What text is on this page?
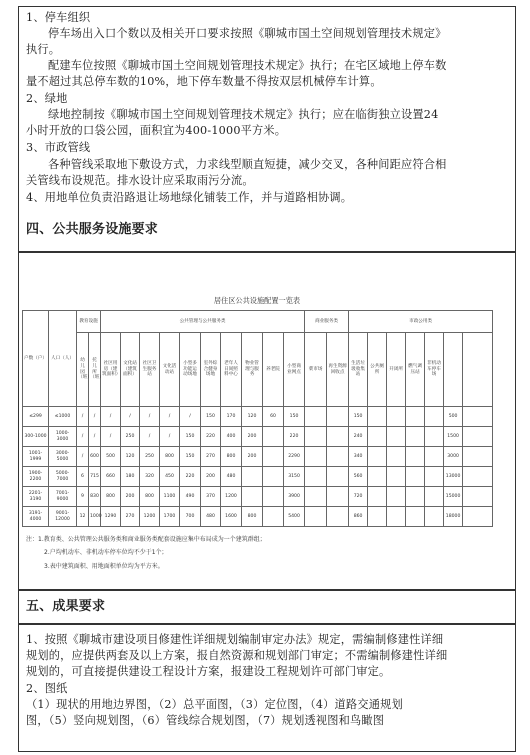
1、停车组织
停车场出入口个数以及相关开口要求按照《聊城市国土空间规划管理技术规定》
执行。
配建车位按照《聊城市国土空间规划管理技术规定》执行；在宅区域地上停车数
量不超过其总停车数的10%，地下停车数量不得按双层机械停车计算。
2、绿地
绿地控制按《聊城市国土空间规划管理技术规定》执行；应在临街独立设置24
小时开放的口袋公园，面积宜为400-1000平方米。
3、市政管线
各种管线采取地下敷设方式，力求线型顺直短捷，减少交叉，各种间距应符合相
关管线布设规范。排水设计应采取雨污分流。
4、用地单位负责沿路退让场地绿化铺装工作，并与道路相协调。
四、公共服务设施要求
居住区公共设施配置一览表
户数（户）	人口（人）	教育设施		公共管理与公共服务类										商业服务类		市政公用类						
		幼儿园（班）	托儿所（班）	社区用房（建筑面积）	文化站（建筑面积）	社区卫生服务站	文化活动站	小型多功能运动场地	室外综合健身场地	老年人日间照料中心	物业管理与服务	养老院	小型商业网点	菜市场	再生资源回收点	生活垃圾收集站	公共厕所	开闭所	燃气调压站	非机动车停车场		
≤299	≤1000	/	/	/	/	/	/	/	150	170	120	60	150			150					500	
300-1000	1000-3000	/	/	/	250	/	/	150	220	400	200		220			240					1500	
1001-1999	3000-5000	/	600	500	120	250	800	150	270	800	200		2290			340					3000	
1900-2200	5000-7000	6	715	660	180	320	450	220	200	480			3150			560					13000	
2201-3190	7001-9000	9	830	800	200	800	1100	490	370	1200			3900			720					15000	
3191-4000	9001-12000	12	1000	1290	270	1200	1700	700	480	1600	800		5400			860					18000	
注：1.教育类、公共管理公共服务类和商业服务类配套设施应集中布局成为一个建筑群组；
2.户均机动车、非机动车停车位均不少于1个；
3.表中建筑面积、用地面积单位均为平方米。
五、成果要求
1、按照《聊城市建设项目修建性详细规划编制审定办法》规定，需编制修建性详细
规划的，应提供两套及以上方案，报自然资源和规划部门审定；不需编制修建性详细
规划的，可直接提供建设工程设计方案，报建设工程规划许可部门审定。
2、图纸
（1）现状的用地边界图，（2）总平面图，（3）定位图，（4）道路交通规划
图，（5）竖向规划图，（6）管线综合规划图，（7）规划透视图和鸟瞰图
